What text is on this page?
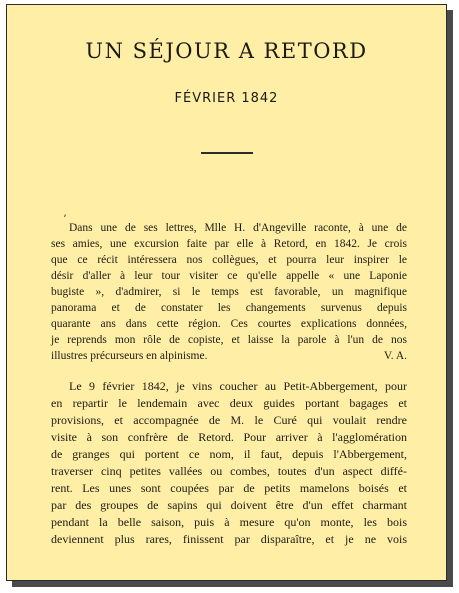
UN SÉJOUR A RETORD
FÉVRIER 1842
ʼ
Dans une de ses lettres, Mlle H. d'Angeville raconte, à une de
ses amies, une excursion faite par elle à Retord, en 1842. Je crois
que ce récit intéressera nos collègues, et pourra leur inspirer le
désir d'aller à leur tour visiter ce qu'elle appelle « une Laponie
bugiste », d'admirer, si le temps est favorable, un magnifique
panorama et de constater les changements survenus depuis
quarante ans dans cette région. Ces courtes explications données,
je reprends mon rôle de copiste, et laisse la parole à l'un de nos
illustres précurseurs en alpinisme.	V. A.
Le 9 février 1842, je vins coucher au Petit-Abbergement, pour
en repartir le lendemain avec deux guides portant bagages et
provisions, et accompagnée de M. le Curé qui voulait rendre
visite à son confrère de Retord. Pour arriver à l'agglomération
de granges qui portent ce nom, il faut, depuis l'Abbergement,
traverser cinq petites vallées ou combes, toutes d'un aspect diffé-
rent. Les unes sont coupées par de petits mamelons boisés et
par des groupes de sapins qui doivent être d'un effet charmant
pendant la belle saison, puis à mesure qu'on monte, les bois
deviennent plus rares, finissent par disparaître, et je ne vois
